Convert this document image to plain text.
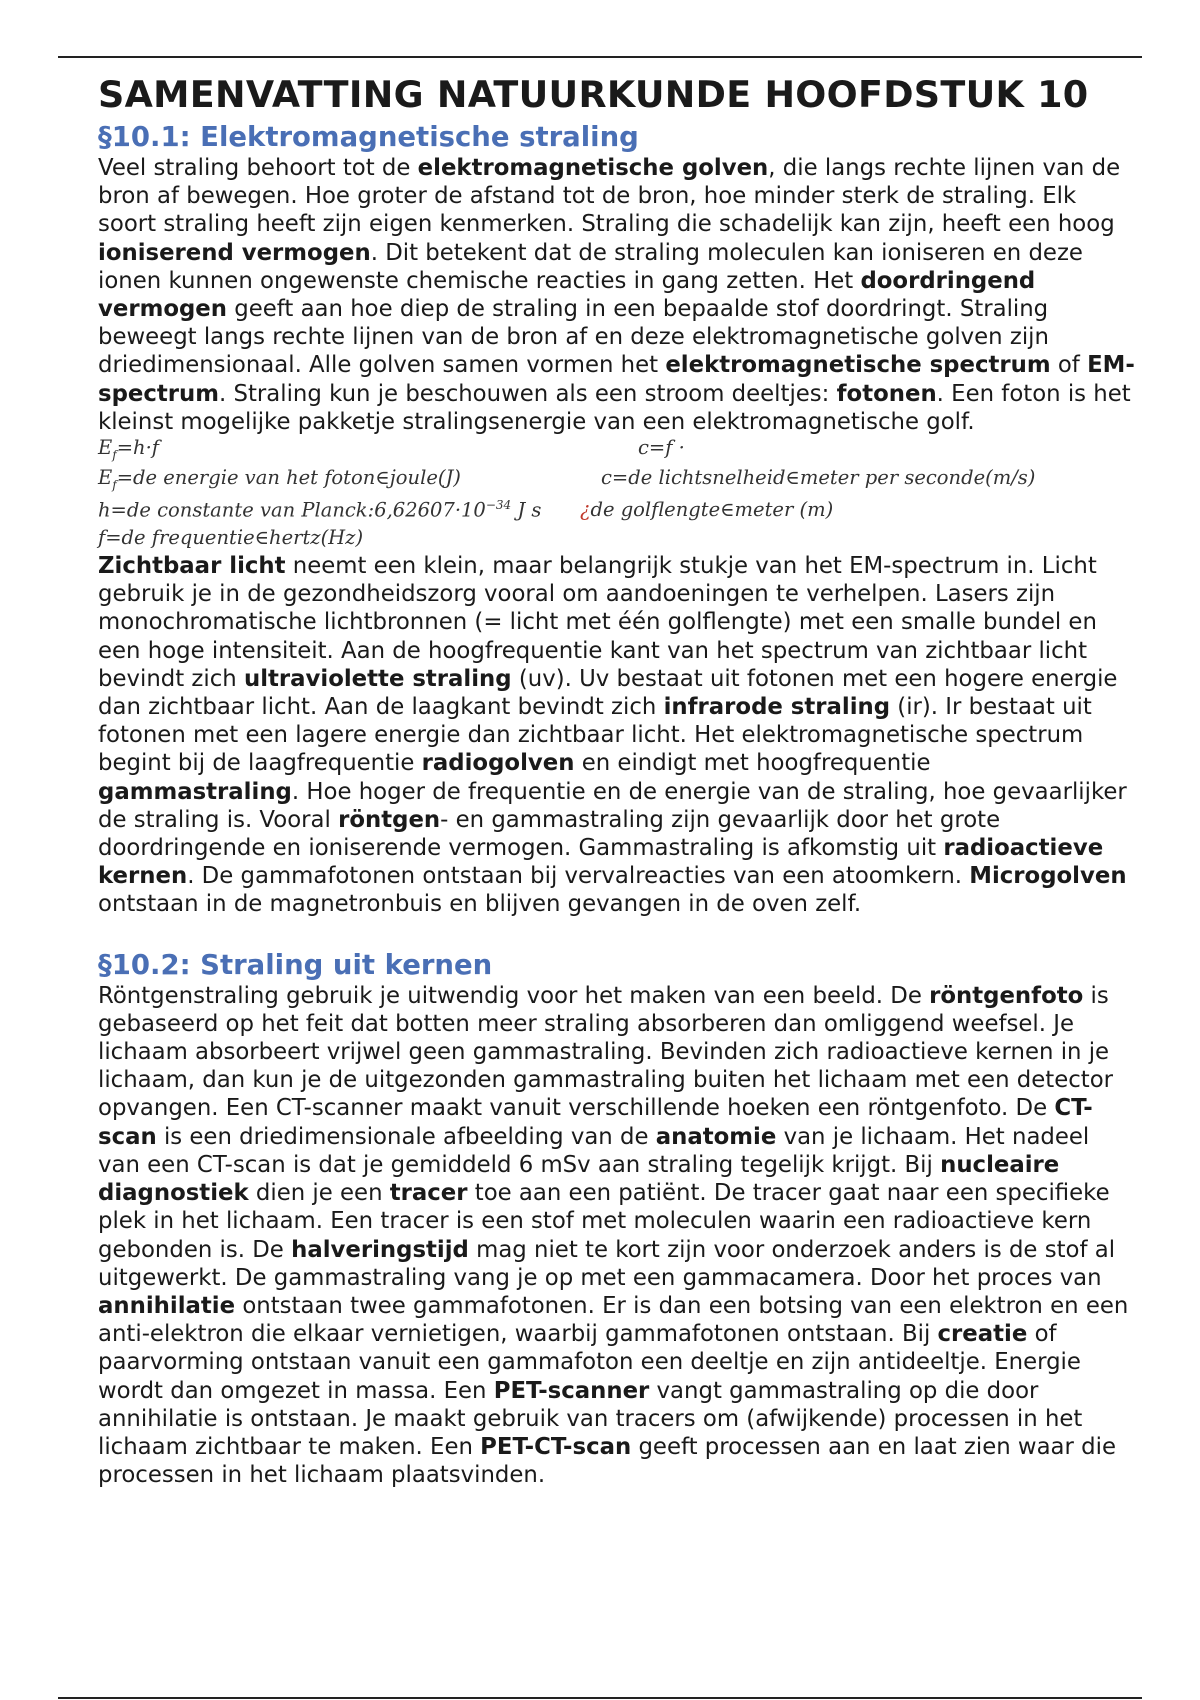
SAMENVATTING NATUURKUNDE HOOFDSTUK 10
§10.1: Elektromagnetische straling

Veel straling behoort tot de elektromagnetische golven, die langs rechte lijnen van de bron af bewegen. Hoe groter de afstand tot de bron, hoe minder sterk de straling. Elk soort straling heeft zijn eigen kenmerken. Straling die schadelijk kan zijn, heeft een hoog ioniserend vermogen. Dit betekent dat de straling moleculen kan ioniseren en deze ionen kunnen ongewenste chemische reacties in gang zetten. Het doordringend vermogen geeft aan hoe diep de straling in een bepaalde stof doordringt. Straling beweegt langs rechte lijnen van de bron af en deze elektromagnetische golven zijn driedimensionaal. Alle golven samen vormen het elektromagnetische spectrum of EM-spectrum. Straling kun je beschouwen als een stroom deeltjes: fotonen. Een foton is het kleinst mogelijke pakketje stralingsenergie van een elektromagnetische golf.

$E_f=h\cdot f$	c=f ·
$E_f=de$ energie van het foton∈joule(J)	c=de lichtsnelheid∈meter per seconde(m/s)
h=de constante van $Planck:6,62607\cdot 10^{-34}$ J s ¿de golflengte∈meter (m)
f=de frequentie∈hertz(Hz)

Zichtbaar licht neemt een klein, maar belangrijk stukje van het EM-spectrum in. Licht gebruik je in de gezondheidszorg vooral om aandoeningen te verhelpen. Lasers zijn monochromatische lichtbronnen (= licht met één golflengte) met een smalle bundel en een hoge intensiteit. Aan de hoogfrequentie kant van het spectrum van zichtbaar licht bevindt zich ultraviolette straling (uv). Uv bestaat uit fotonen met een hogere energie dan zichtbaar licht. Aan de laagkant bevindt zich infrarode straling (ir). Ir bestaat uit fotonen met een lagere energie dan zichtbaar licht. Het elektromagnetische spectrum begint bij de laagfrequentie radiogolven en eindigt met hoogfrequentie gammastraling. Hoe hoger de frequentie en de energie van de straling, hoe gevaarlijker de straling is. Vooral röntgen- en gammastraling zijn gevaarlijk door het grote doordringende en ioniserende vermogen. Gammastraling is afkomstig uit radioactieve kernen. De gammafotonen ontstaan bij vervalreacties van een atoomkern. Microgolven ontstaan in de magnetronbuis en blijven gevangen in de oven zelf.

§10.2: Straling uit kernen

Röntgenstraling gebruik je uitwendig voor het maken van een beeld. De röntgenfoto is gebaseerd op het feit dat botten meer straling absorberen dan omliggend weefsel. Je lichaam absorbeert vrijwel geen gammastraling. Bevinden zich radioactieve kernen in je lichaam, dan kun je de uitgezonden gammastraling buiten het lichaam met een detector opvangen. Een CT-scanner maakt vanuit verschillende hoeken een röntgenfoto. De CT-scan is een driedimensionale afbeelding van de anatomie van je lichaam. Het nadeel van een CT-scan is dat je gemiddeld 6 mSv aan straling tegelijk krijgt. Bij nucleaire diagnostiek dien je een tracer toe aan een patiënt. De tracer gaat naar een specifieke plek in het lichaam. Een tracer is een stof met moleculen waarin een radioactieve kern gebonden is. De halveringstijd mag niet te kort zijn voor onderzoek anders is de stof al uitgewerkt. De gammastraling vang je op met een gammacamera. Door het proces van annihilatie ontstaan twee gammafotonen. Er is dan een botsing van een elektron en een anti-elektron die elkaar vernietigen, waarbij gammafotonen ontstaan. Bij creatie of paarvorming ontstaan vanuit een gammafoton een deeltje en zijn antideeltje. Energie wordt dan omgezet in massa. Een PET-scanner vangt gammastraling op die door annihilatie is ontstaan. Je maakt gebruik van tracers om (afwijkende) processen in het lichaam zichtbaar te maken. Een PET-CT-scan geeft processen aan en laat zien waar die processen in het lichaam plaatsvinden.
